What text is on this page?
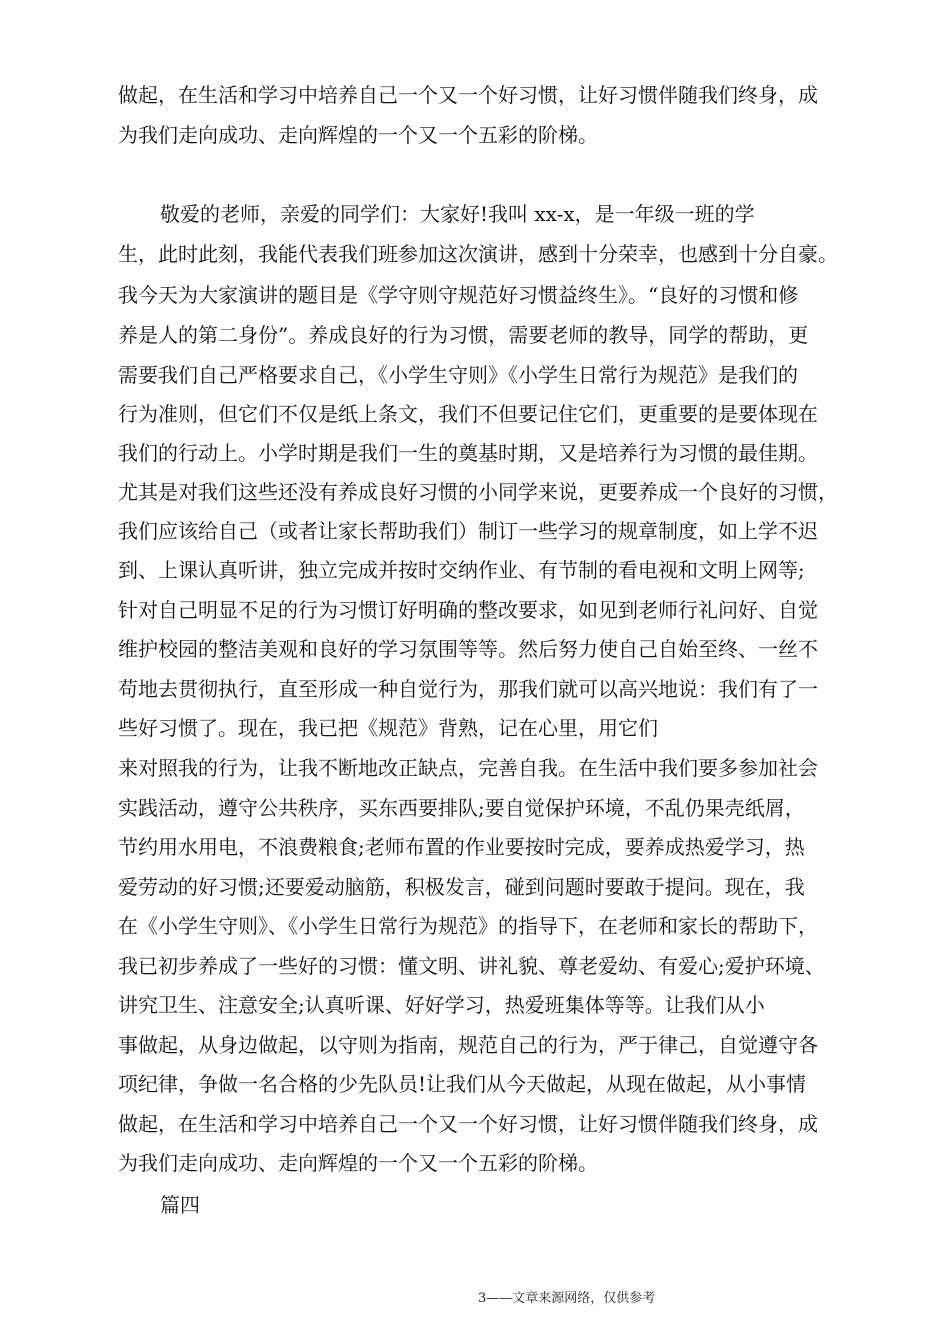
做起，在生活和学习中培养自己一个又一个好习惯，让好习惯伴随我们终身，成

为我们走向成功、走向辉煌的一个又一个五彩的阶梯。

敬爱的老师，亲爱的同学们：大家好!我叫 xx-x，是一年级一班的学

生，此时此刻，我能代表我们班参加这次演讲，感到十分荣幸，也感到十分自豪。

我今天为大家演讲的题目是《学守则守规范好习惯益终生》。“良好的习惯和修

养是人的第二身份”。养成良好的行为习惯，需要老师的教导，同学的帮助，更

需要我们自己严格要求自己，《小学生守则》《小学生日常行为规范》是我们的

行为准则，但它们不仅是纸上条文，我们不但要记住它们，更重要的是要体现在

我们的行动上。小学时期是我们一生的奠基时期，又是培养行为习惯的最佳期。

尤其是对我们这些还没有养成良好习惯的小同学来说，更要养成一个良好的习惯，

我们应该给自己（或者让家长帮助我们）制订一些学习的规章制度，如上学不迟

到、上课认真听讲，独立完成并按时交纳作业、有节制的看电视和文明上网等;

针对自己明显不足的行为习惯订好明确的整改要求，如见到老师行礼问好、自觉

维护校园的整洁美观和良好的学习氛围等等。然后努力使自己自始至终、一丝不

苟地去贯彻执行，直至形成一种自觉行为，那我们就可以高兴地说：我们有了一

些好习惯了。现在，我已把《规范》背熟，记在心里，用它们

来对照我的行为，让我不断地改正缺点，完善自我。在生活中我们要多参加社会

实践活动，遵守公共秩序，买东西要排队;要自觉保护环境，不乱仍果壳纸屑，

节约用水用电，不浪费粮食;老师布置的作业要按时完成，要养成热爱学习，热

爱劳动的好习惯;还要爱动脑筋，积极发言，碰到问题时要敢于提问。现在，我

在《小学生守则》、《小学生日常行为规范》的指导下，在老师和家长的帮助下，

我已初步养成了一些好的习惯：懂文明、讲礼貌、尊老爱幼、有爱心;爱护环境、

讲究卫生、注意安全;认真听课、好好学习，热爱班集体等等。让我们从小

事做起，从身边做起，以守则为指南，规范自己的行为，严于律己，自觉遵守各

项纪律，争做一名合格的少先队员!让我们从今天做起，从现在做起，从小事情

做起，在生活和学习中培养自己一个又一个好习惯，让好习惯伴随我们终身，成

为我们走向成功、走向辉煌的一个又一个五彩的阶梯。

篇四

3——文章来源网络，仅供参考
